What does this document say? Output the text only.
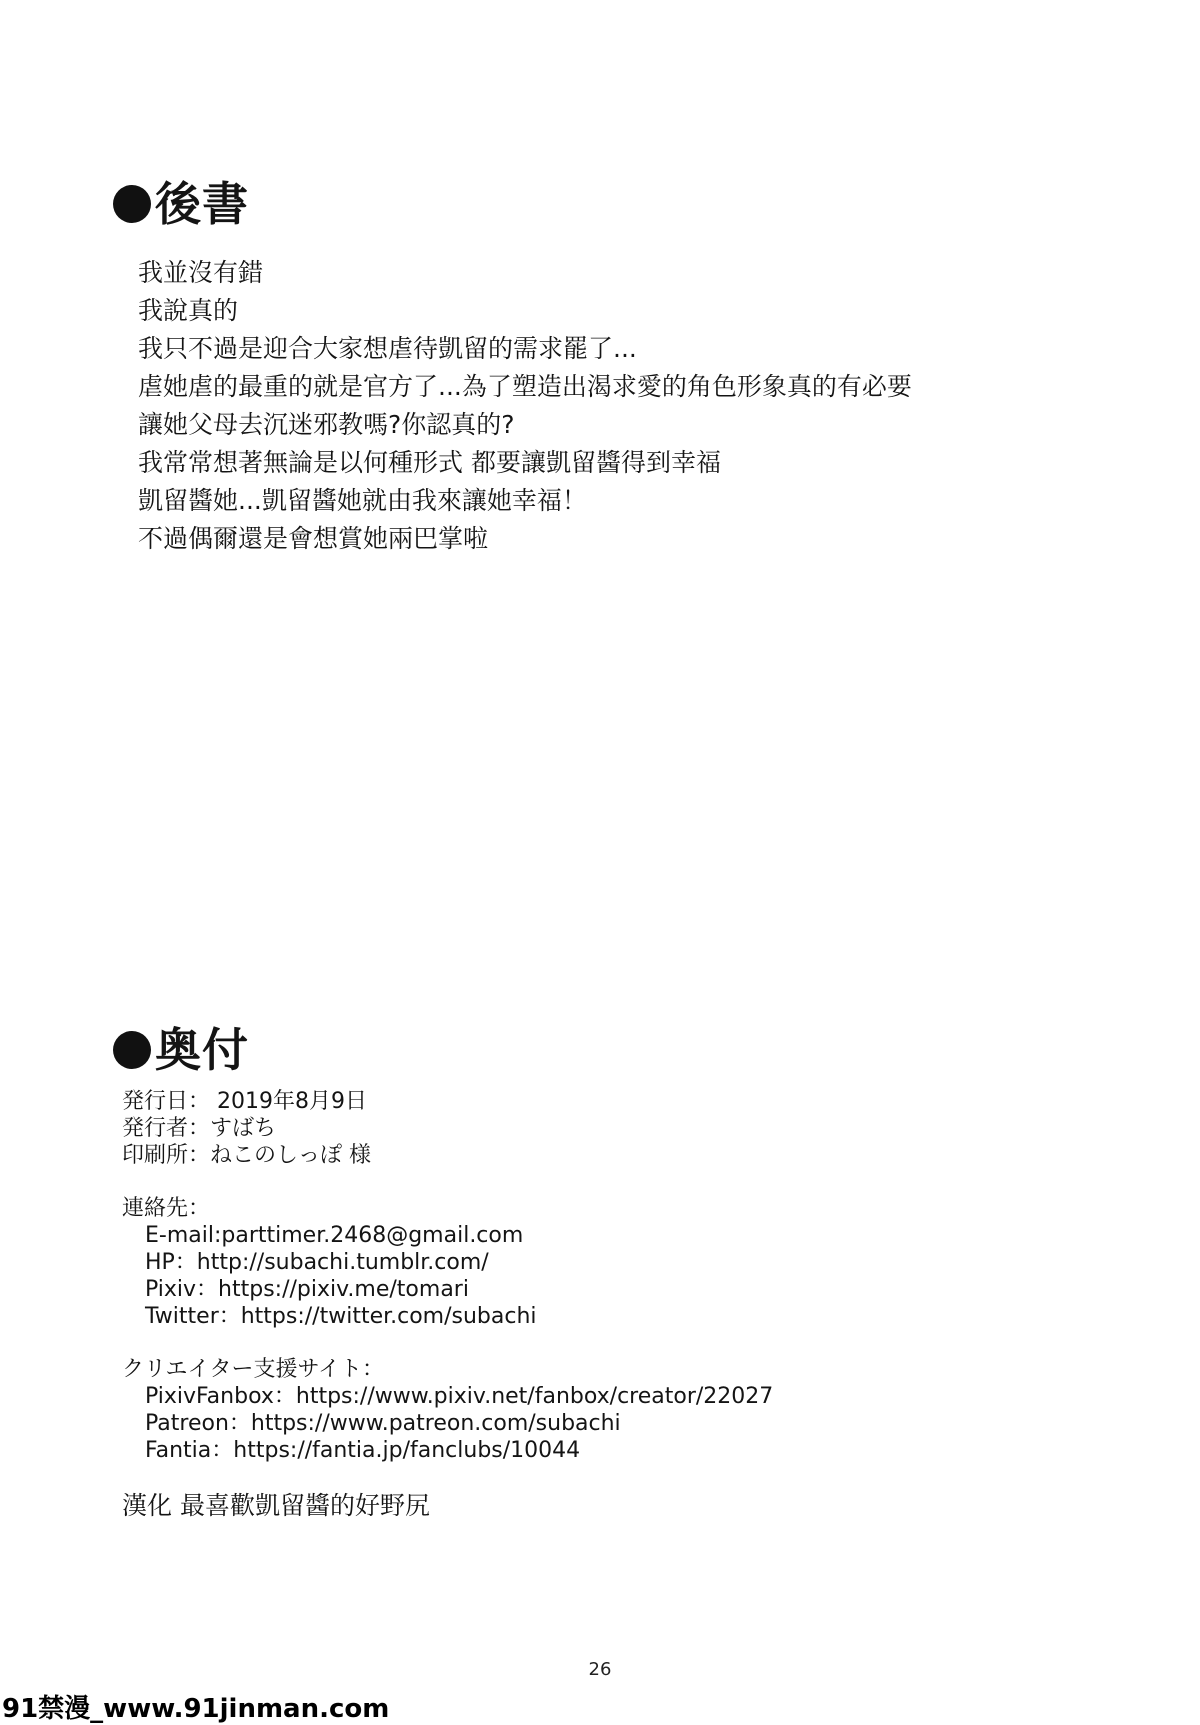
後書
我並沒有錯
我說真的
我只不過是迎合大家想虐待凱留的需求罷了...
虐她虐的最重的就是官方了...為了塑造出渴求愛的角色形象真的有必要
讓她父母去沉迷邪教嗎?你認真的?
我常常想著無論是以何種形式 都要讓凱留醬得到幸福
凱留醬她...凱留醬她就由我來讓她幸福！
不過偶爾還是會想賞她兩巴掌啦
奥付
発行日： 2019年8月9日
発行者：すばち
印刷所：ねこのしっぽ 様
連絡先：
E-mail:parttimer.2468@gmail.com
HP：http://subachi.tumblr.com/
Pixiv：https://pixiv.me/tomari
Twitter：https://twitter.com/subachi
クリエイター支援サイト：
PixivFanbox：https://www.pixiv.net/fanbox/creator/22027
Patreon：https://www.patreon.com/subachi
Fantia：https://fantia.jp/fanclubs/10044
漢化 最喜歡凱留醬的好野尻
26
91禁漫_www.91jinman.com
